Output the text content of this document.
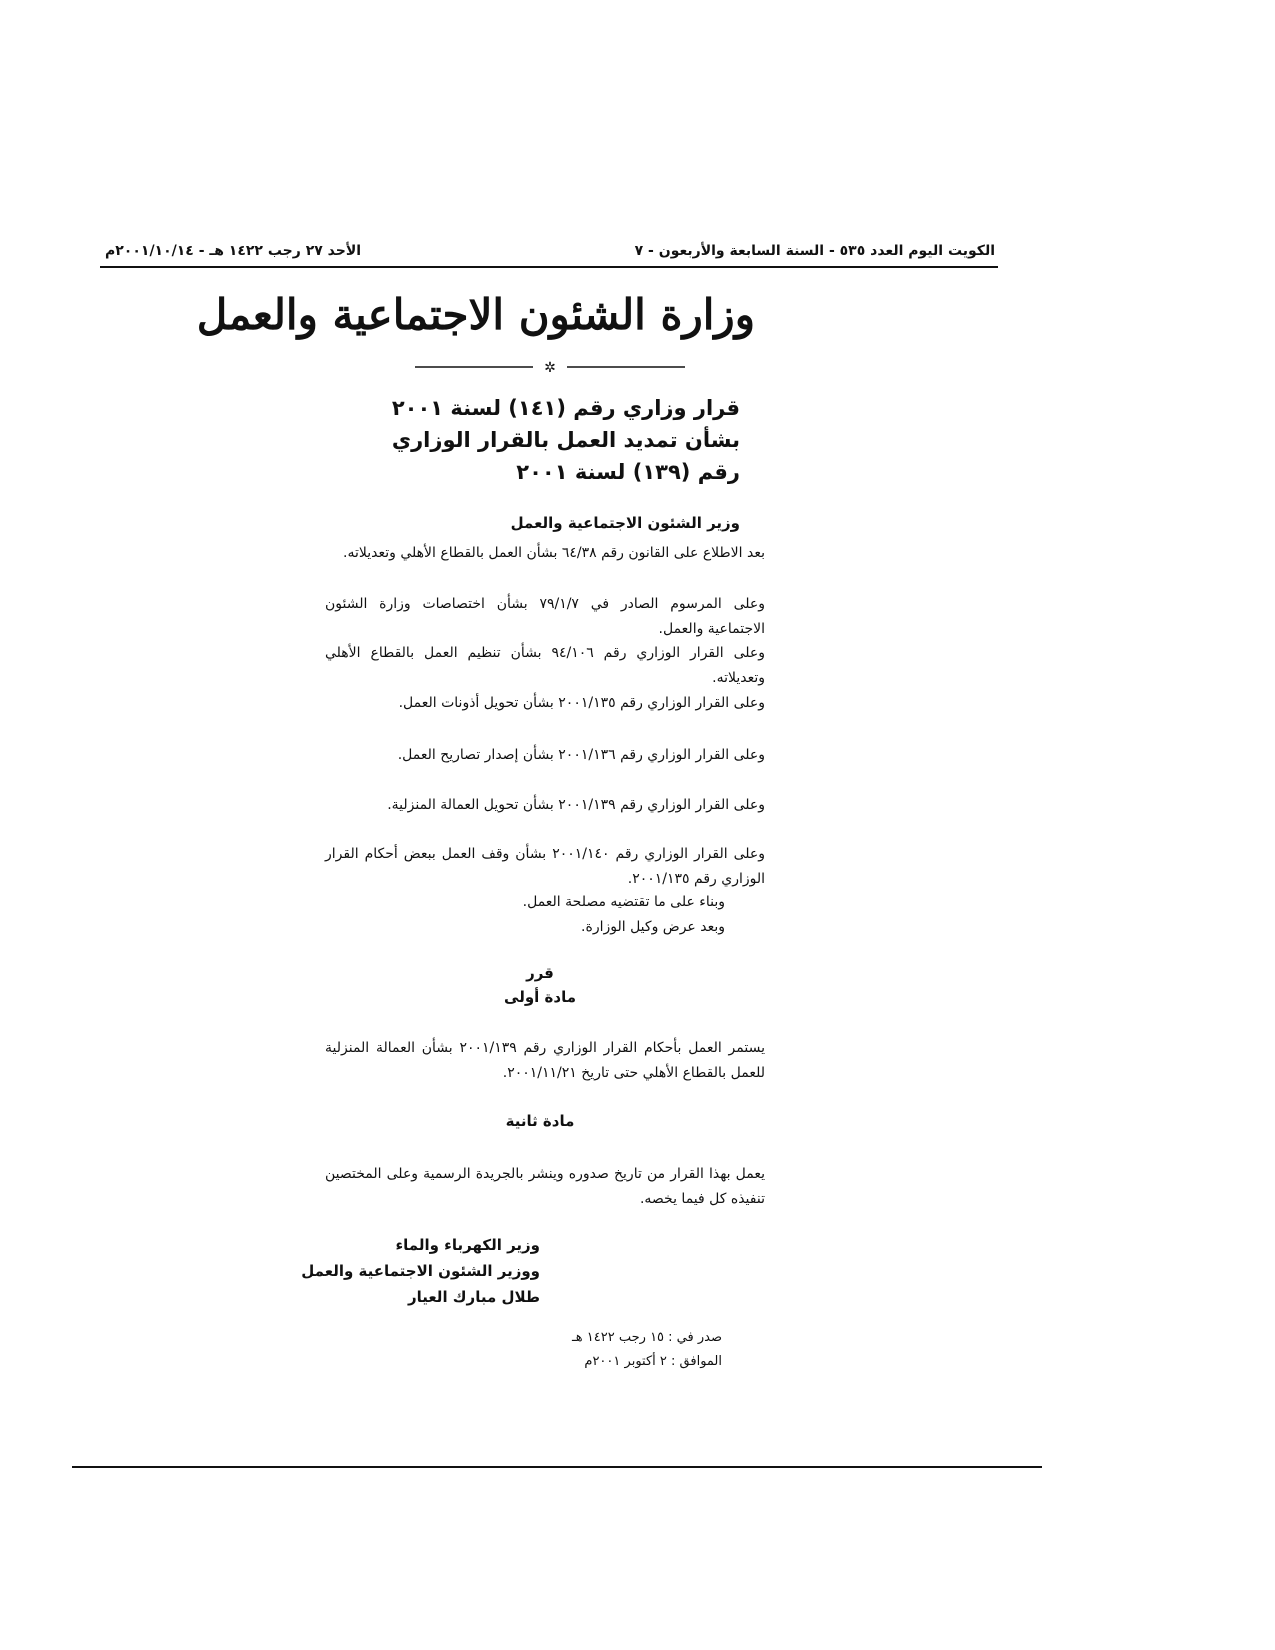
الكويت اليوم العدد ٥٣٥ - السنة السابعة والأربعون - ٧
الأحد ٢٧ رجب ١٤٢٢ هـ - ٢٠٠١/١٠/١٤م
وزارة الشئون الاجتماعية والعمل
✲
قرار وزاري رقم (١٤١) لسنة ٢٠٠١
بشأن تمديد العمل بالقرار الوزاري
رقم (١٣٩) لسنة ٢٠٠١
وزير الشئون الاجتماعية والعمل
بعد الاطلاع على القانون رقم ٦٤/٣٨ بشأن العمل بالقطاع الأهلي وتعديلاته.
وعلى المرسوم الصادر في ٧٩/١/٧ بشأن اختصاصات وزارة الشئون الاجتماعية والعمل.
وعلى القرار الوزاري رقم ٩٤/١٠٦ بشأن تنظيم العمل بالقطاع الأهلي وتعديلاته.
وعلى القرار الوزاري رقم ٢٠٠١/١٣٥ بشأن تحويل أذونات العمل.
وعلى القرار الوزاري رقم ٢٠٠١/١٣٦ بشأن إصدار تصاريح العمل.
وعلى القرار الوزاري رقم ٢٠٠١/١٣٩ بشأن تحويل العمالة المنزلية.
وعلى القرار الوزاري رقم ٢٠٠١/١٤٠ بشأن وقف العمل ببعض أحكام القرار الوزاري رقم ٢٠٠١/١٣٥.
وبناء على ما تقتضيه مصلحة العمل.
وبعد عرض وكيل الوزارة.
قرر
مادة أولى
يستمر العمل بأحكام القرار الوزاري رقم ٢٠٠١/١٣٩ بشأن العمالة المنزلية للعمل بالقطاع الأهلي حتى تاريخ ٢٠٠١/١١/٢١.
مادة ثانية
يعمل بهذا القرار من تاريخ صدوره وينشر بالجريدة الرسمية وعلى المختصين تنفيذه كل فيما يخصه.
وزير الكهرباء والماء
ووزير الشئون الاجتماعية والعمل
طلال مبارك العيار
صدر في : ١٥ رجب ١٤٢٢ هـ
الموافق : ٢ أكتوبر ٢٠٠١م
